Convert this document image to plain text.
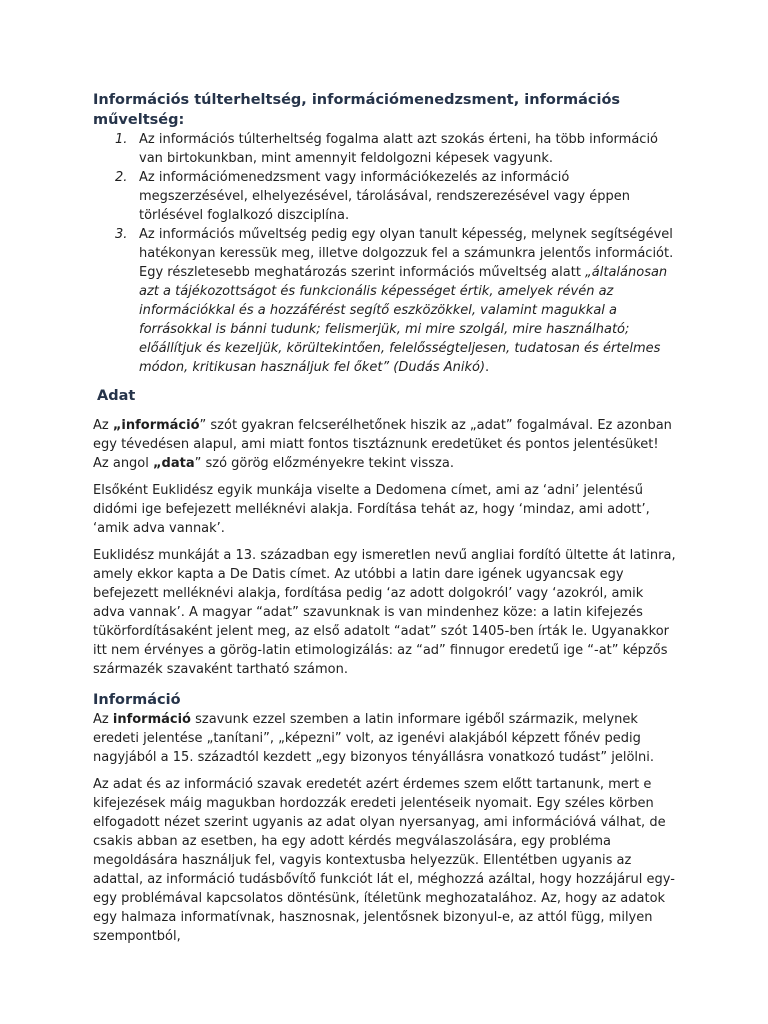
Információs túlterheltség, információmenedzsment, információs műveltség:
1. Az információs túlterheltség fogalma alatt azt szokás érteni, ha több információ van birtokunkban, mint amennyit feldolgozni képesek vagyunk.
2. Az információmenedzsment vagy információkezelés az információ megszerzésével, elhelyezésével, tárolásával, rendszerezésével vagy éppen törlésével foglalkozó diszciplína.
3. Az információs műveltség pedig egy olyan tanult képesség, melynek segítségével hatékonyan keressük meg, illetve dolgozzuk fel a számunkra jelentős információt. Egy részletesebb meghatározás szerint információs műveltség alatt „általánosan azt a tájékozottságot és funkcionális képességet értik, amelyek révén az információkkal és a hozzáférést segítő eszközökkel, valamint magukkal a forrásokkal is bánni tudunk; felismerjük, mi mire szolgál, mire használható; előállítjuk és kezeljük, körültekintően, felelősségteljesen, tudatosan és értelmes módon, kritikusan használjuk fel őket” (Dudás Anikó).
Adat

Az „információ” szót gyakran felcserélhetőnek hiszik az „adat” fogalmával. Ez azonban egy tévedésen alapul, ami miatt fontos tisztáznunk eredetüket és pontos jelentésüket!
Az angol „data” szó görög előzményekre tekint vissza.

Elsőként Euklidész egyik munkája viselte a Dedomena címet, ami az ‘adni’ jelentésű didómi ige befejezett melléknévi alakja. Fordítása tehát az, hogy ‘mindaz, ami adott’, ‘amik adva vannak’.

Euklidész munkáját a 13. században egy ismeretlen nevű angliai fordító ültette át latinra, amely ekkor kapta a De Datis címet. Az utóbbi a latin dare igének ugyancsak egy befejezett melléknévi alakja, fordítása pedig ‘az adott dolgokról’ vagy ‘azokról, amik adva vannak’. A magyar “adat” szavunknak is van mindenhez köze: a latin kifejezés tükörfordításaként jelent meg, az első adatolt “adat” szót 1405-ben írták le. Ugyanakkor itt nem érvényes a görög-latin etimologizálás: az “ad” finnugor eredetű ige “-at” képzős származék szavaként tartható számon.

Információ

Az információ szavunk ezzel szemben a latin informare igéből származik, melynek eredeti jelentése „tanítani”, „képezni” volt, az igenévi alakjából képzett főnév pedig nagyjából a 15. századtól kezdett „egy bizonyos tényállásra vonatkozó tudást” jelölni.

Az adat és az információ szavak eredetét azért érdemes szem előtt tartanunk, mert e kifejezések máig magukban hordozzák eredeti jelentéseik nyomait. Egy széles körben elfogadott nézet szerint ugyanis az adat olyan nyersanyag, ami információvá válhat, de csakis abban az esetben, ha egy adott kérdés megválaszolására, egy probléma megoldására használjuk fel, vagyis kontextusba helyezzük. Ellentétben ugyanis az adattal, az információ tudásbővítő funkciót lát el, méghozzá azáltal, hogy hozzájárul egy-egy problémával kapcsolatos döntésünk, ítéletünk meghozatalához. Az, hogy az adatok egy halmaza informatívnak, hasznosnak, jelentősnek bizonyul-e, az attól függ, milyen szempontból,
